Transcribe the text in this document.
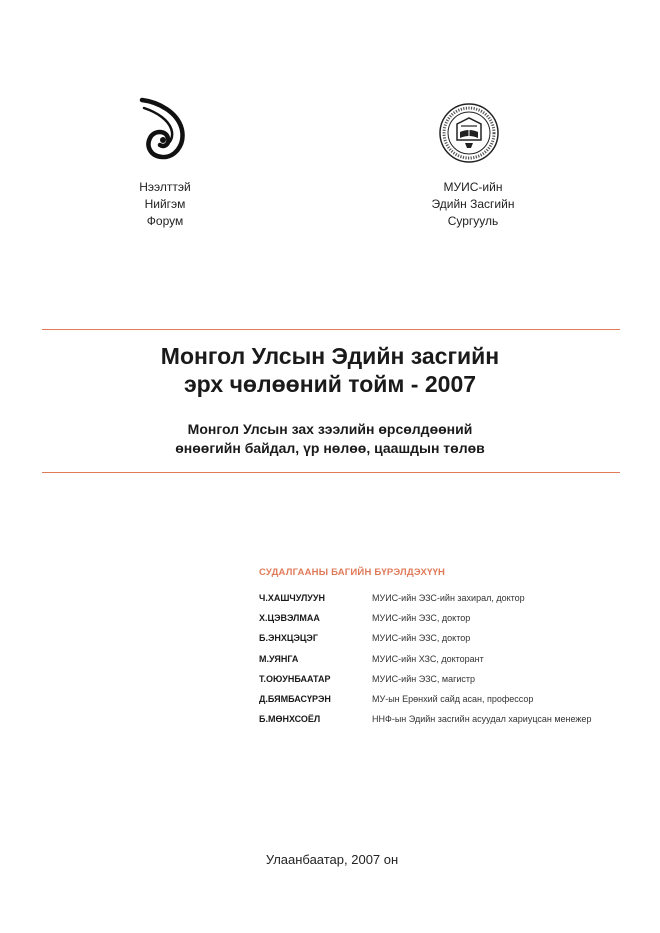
Нээлттэй
Нийгэм
Форум
МУИС-ийн
Эдийн Засгийн
Сургууль
Монгол Улсын Эдийн засгийн
эрх чөлөөний тойм - 2007
Монгол Улсын зах зээлийн өрсөлдөөний
өнөөгийн байдал, үр нөлөө, цаашдын төлөв
СУДАЛГААНЫ БАГИЙН БҮРЭЛДЭХҮҮН
Ч.ХАШЧУЛУУН	МУИС-ийн ЭЗС-ийн захирал, доктор
Х.ЦЭВЭЛМАА	МУИС-ийн ЭЗС, доктор
Б.ЭНХЦЭЦЭГ	МУИС-ийн ЭЗС, доктор
М.УЯНГА	МУИС-ийн ХЗС, докторант
Т.ОЮУНБААТАР	МУИС-ийн ЭЗС, магистр
Д.БЯМБАСҮРЭН	МУ-ын Ерөнхий сайд асан, профессор
Б.МӨНХСОЁЛ	ННФ-ын Эдийн засгийн асуудал хариуцсан менежер
Улаанбаатар, 2007 он
